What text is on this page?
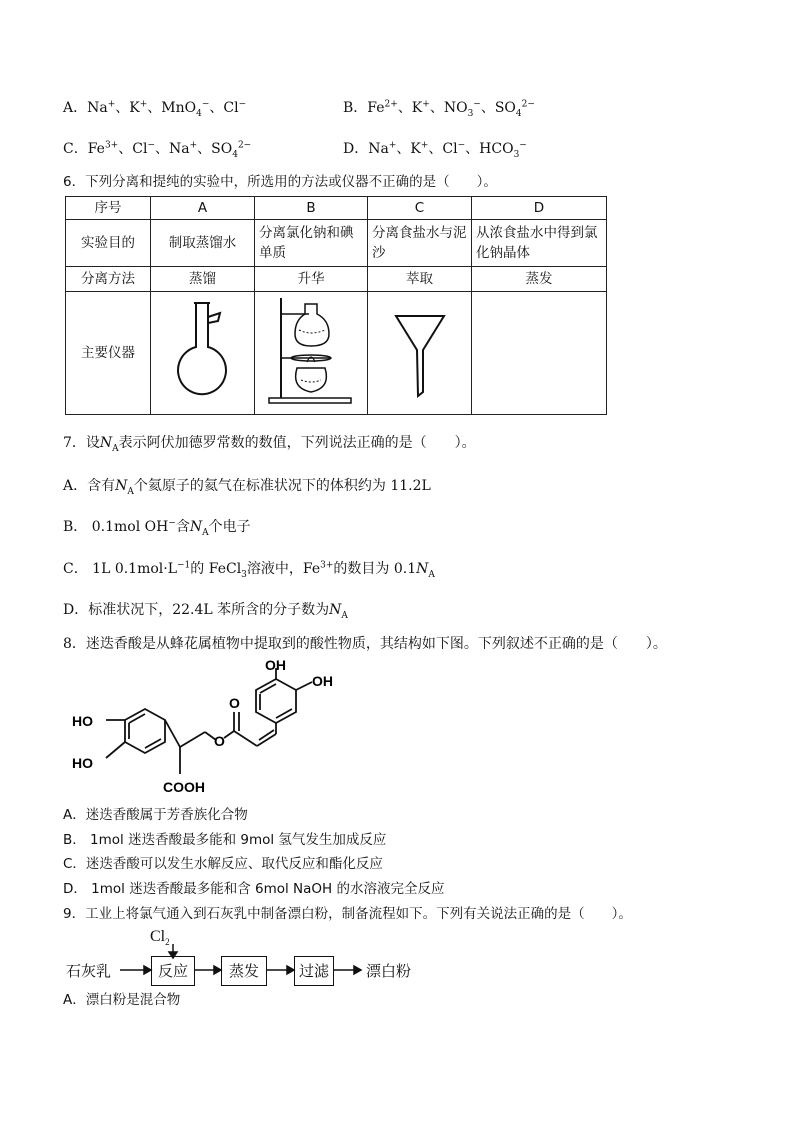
A．Na+、K+、MnO$_4$−、Cl−	B．$Fe^{2+}$、K+、$NO_3^-$、$SO_4^{2-}$
C．$Fe^{3+}$、Cl−、Na+、$SO_4^{2-}$	D．Na+、K+、Cl−、$HCO_3^-$
6．下列分离和提纯的实验中，所选用的方法或仪器不正确的是（　　）。
序号	A	B	C	D
实验目的	制取蒸馏水	分离氯化钠和碘单质	分离食盐水与泥沙	从浓食盐水中得到氯化钠晶体
分离方法	蒸馏	升华	萃取	蒸发
主要仪器				
7．设$N_A$表示阿伏加德罗常数的数值，下列说法正确的是（　　）。
A．含有$N_A$个氦原子的氦气在标准状况下的体积约为 11.2L
B． 0.1mol OH−含$N_A$个电子
C． 1L $0.1mol\cdot L^{-1}$的 FeCl$_3$溶液中，$Fe^{3+}$的数目为 $0.1N_A$
D．标准状况下，22.4L 苯所含的分子数为$N_A$
8．迷迭香酸是从蜂花属植物中提取到的酸性物质，其结构如下图。下列叙述不正确的是（　　）。
HO
HO
OH
OH
O
O
COOH
A．迷迭香酸属于芳香族化合物
B． 1mol 迷迭香酸最多能和 9mol 氢气发生加成反应
C．迷迭香酸可以发生水解反应、取代反应和酯化反应
D． 1mol 迷迭香酸最多能和含 6mol NaOH 的水溶液完全反应
9．工业上将氯气通入到石灰乳中制备漂白粉，制备流程如下。下列有关说法正确的是（　　）。
$Cl_2$
石灰乳	反应	蒸发	过滤	漂白粉
A．漂白粉是混合物
